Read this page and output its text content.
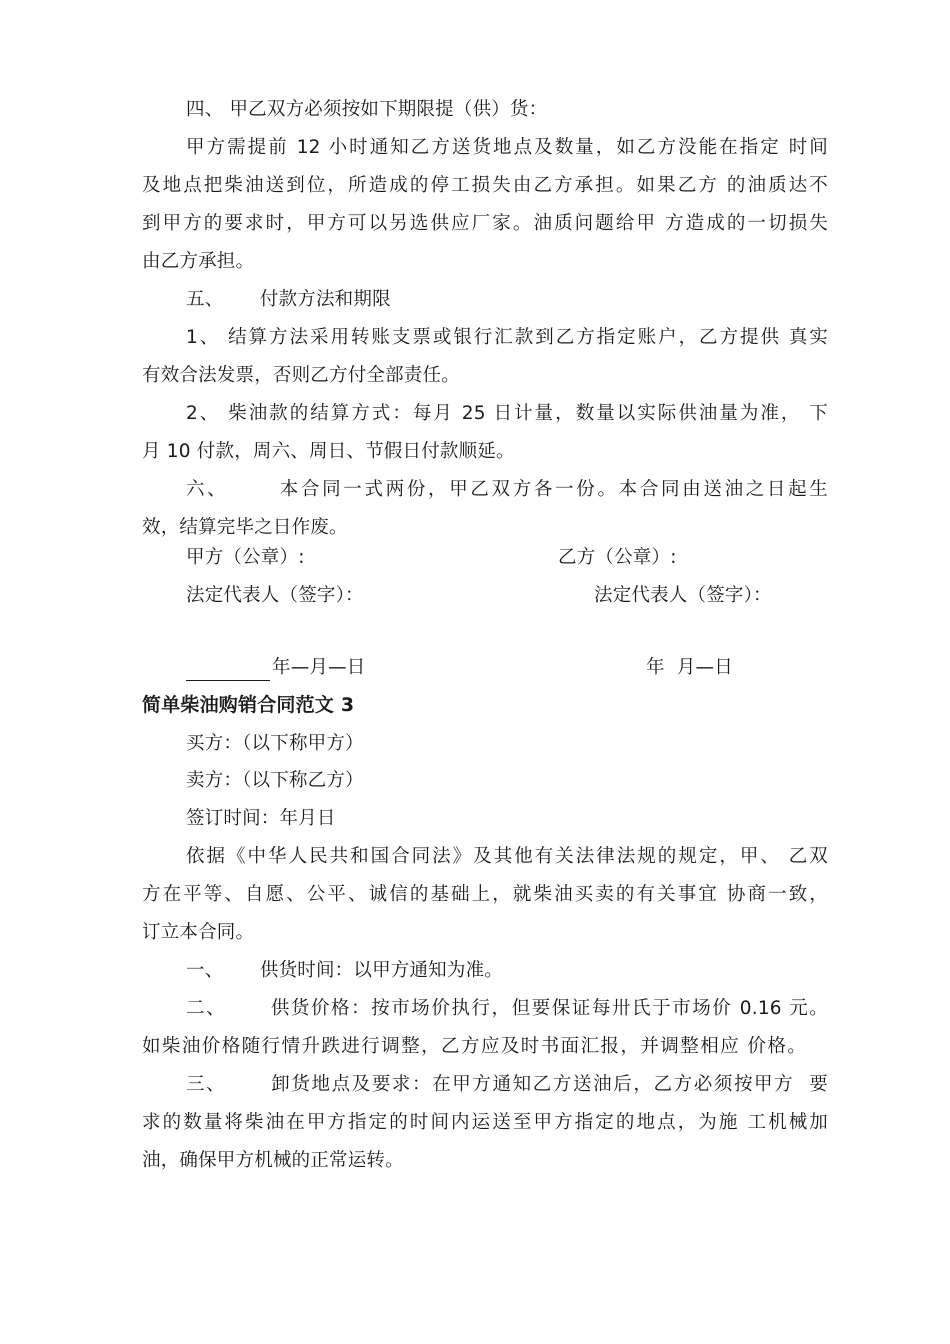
四、 甲乙双方必须按如下期限提（供）货：
甲方需提前 12 小时通知乙方送货地点及数量，如乙方没能在指定 时间
及地点把柴油送到位，所造成的停工损失由乙方承担。如果乙方 的油质达不
到甲方的要求时，甲方可以另选供应厂家。油质问题给甲 方造成的一切损失
由乙方承担。
五、      付款方法和期限
1、 结算方法采用转账支票或银行汇款到乙方指定账户，乙方提供 真实
有效合法发票，否则乙方付全部责任。
2、 柴油款的结算方式：每月 25 日计量，数量以实际供油量为准， 下
月 10 付款，周六、周日、节假日付款顺延。
六、      本合同一式两份，甲乙双方各一份。本合同由送油之日起生
效，结算完毕之日作废。
甲方（公章）:	乙方（公章）:
法定代表人（签字）：	法定代表人（签字）：
年—月—日	年  月—日
简单柴油购销合同范文 3
买方：（以下称甲方）
卖方：（以下称乙方）
签订时间：年月日
依据《中华人民共和国合同法》及其他有关法律法规的规定，甲、 乙双
方在平等、自愿、公平、诚信的基础上，就柴油买卖的有关事宜 协商一致，
订立本合同。
一、      供货时间：以甲方通知为准。
二、      供货价格：按市场价执行，但要保证每卅氏于市场价 0.16 元。
如柴油价格随行情升跌进行调整，乙方应及时书面汇报，并调整相应 价格。
三、      卸货地点及要求：在甲方通知乙方送油后，乙方必须按甲方  要
求的数量将柴油在甲方指定的时间内运送至甲方指定的地点，为施 工机械加
油，确保甲方机械的正常运转。
